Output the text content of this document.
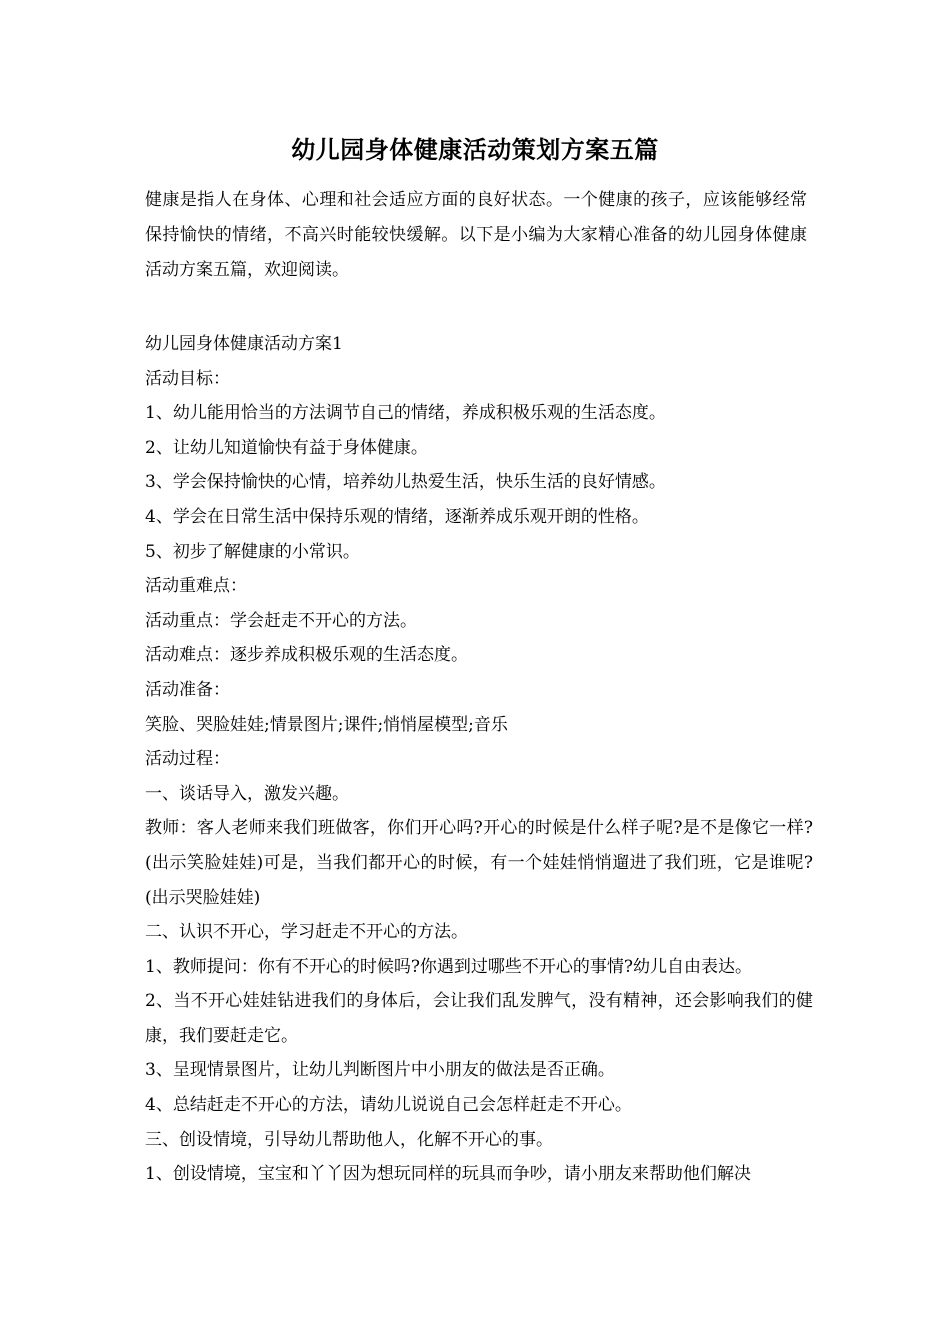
幼儿园身体健康活动策划方案五篇

健康是指人在身体、心理和社会适应方面的良好状态。一个健康的孩子，应该能够经常保持愉快的情绪，不高兴时能较快缓解。以下是小编为大家精心准备的幼儿园身体健康活动方案五篇，欢迎阅读。

幼儿园身体健康活动方案1

活动目标：

1、幼儿能用恰当的方法调节自己的情绪，养成积极乐观的生活态度。

2、让幼儿知道愉快有益于身体健康。

3、学会保持愉快的心情，培养幼儿热爱生活，快乐生活的良好情感。

4、学会在日常生活中保持乐观的情绪，逐渐养成乐观开朗的性格。

5、初步了解健康的小常识。

活动重难点：

活动重点：学会赶走不开心的方法。

活动难点：逐步养成积极乐观的生活态度。

活动准备：

笑脸、哭脸娃娃;情景图片;课件;悄悄屋模型;音乐

活动过程：

一、谈话导入，激发兴趣。

教师：客人老师来我们班做客，你们开心吗?开心的时候是什么样子呢?是不是像它一样?(出示笑脸娃娃)可是，当我们都开心的时候，有一个娃娃悄悄遛进了我们班，它是谁呢?(出示哭脸娃娃)

二、认识不开心，学习赶走不开心的方法。

1、教师提问：你有不开心的时候吗?你遇到过哪些不开心的事情?幼儿自由表达。

2、当不开心娃娃钻进我们的身体后，会让我们乱发脾气，没有精神，还会影响我们的健康，我们要赶走它。

3、呈现情景图片，让幼儿判断图片中小朋友的做法是否正确。

4、总结赶走不开心的方法，请幼儿说说自己会怎样赶走不开心。

三、创设情境，引导幼儿帮助他人，化解不开心的事。

1、创设情境，宝宝和丫丫因为想玩同样的玩具而争吵，请小朋友来帮助他们解决
